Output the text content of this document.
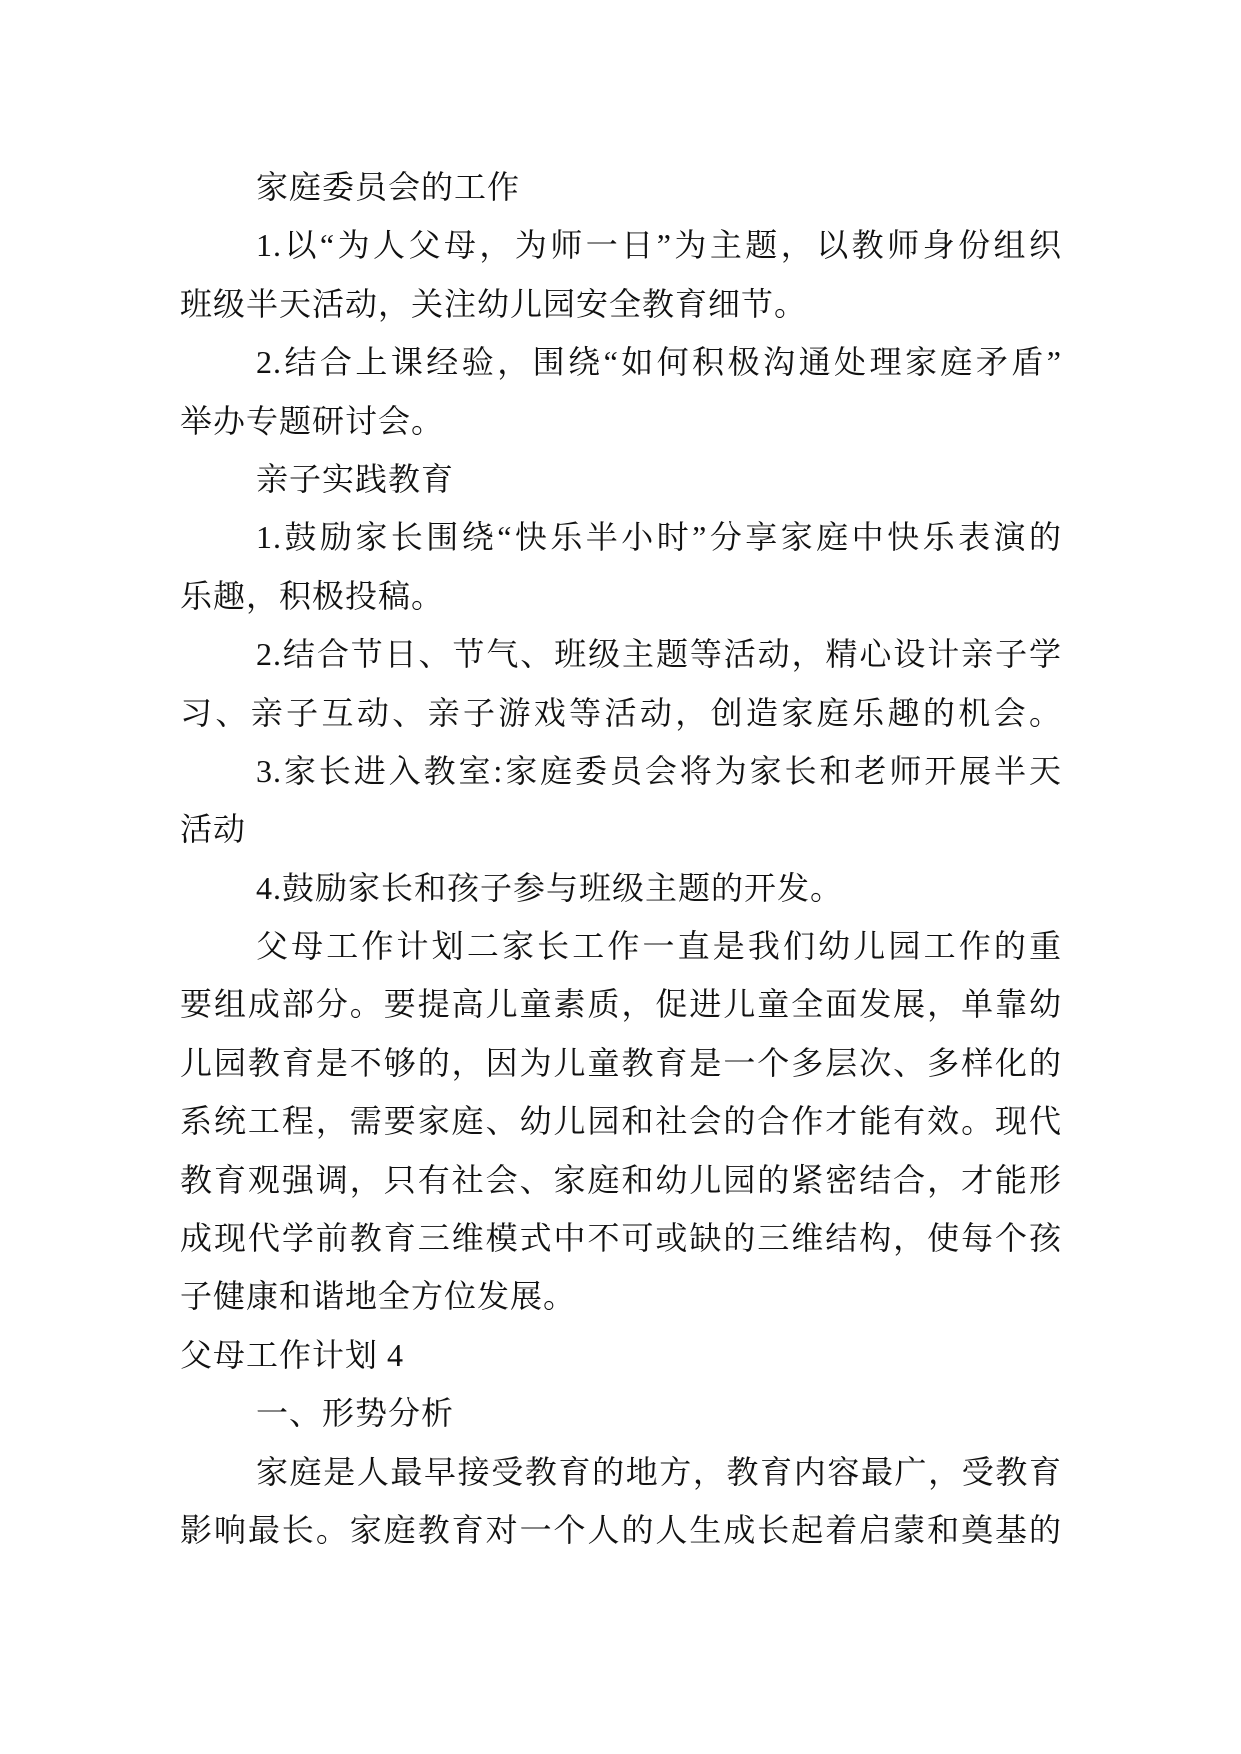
家庭委员会的工作
1.以“为人父母，为师一日”为主题，以教师身份组织
班级半天活动，关注幼儿园安全教育细节。
2.结合上课经验，围绕“如何积极沟通处理家庭矛盾”
举办专题研讨会。
亲子实践教育
1.鼓励家长围绕“快乐半小时”分享家庭中快乐表演的
乐趣，积极投稿。
2.结合节日、节气、班级主题等活动，精心设计亲子学
习、亲子互动、亲子游戏等活动，创造家庭乐趣的机会。
3.家长进入教室:家庭委员会将为家长和老师开展半天
活动
4.鼓励家长和孩子参与班级主题的开发。
父母工作计划二家长工作一直是我们幼儿园工作的重
要组成部分。要提高儿童素质，促进儿童全面发展，单靠幼
儿园教育是不够的，因为儿童教育是一个多层次、多样化的
系统工程，需要家庭、幼儿园和社会的合作才能有效。现代
教育观强调，只有社会、家庭和幼儿园的紧密结合，才能形
成现代学前教育三维模式中不可或缺的三维结构，使每个孩
子健康和谐地全方位发展。
父母工作计划 4
一、形势分析
家庭是人最早接受教育的地方，教育内容最广，受教育
影响最长。家庭教育对一个人的人生成长起着启蒙和奠基的
